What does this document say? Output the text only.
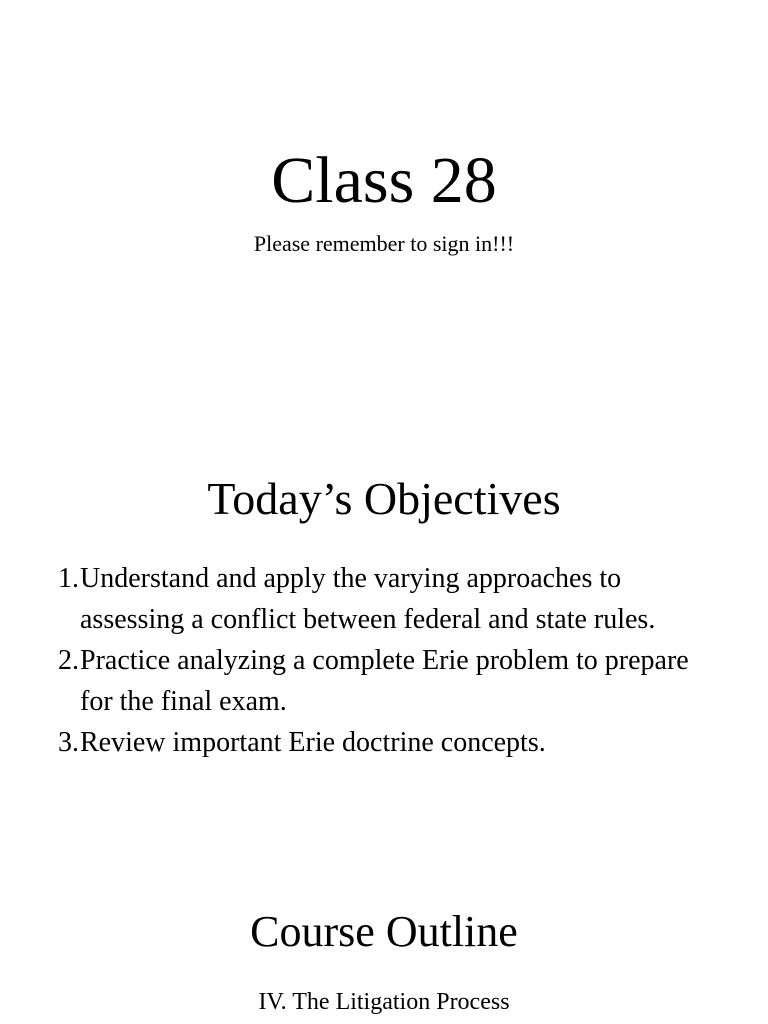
Class 28

Please remember to sign in!!!

Today’s Objectives
1. Understand and apply the varying approaches to assessing a conflict between federal and state rules.
2. Practice analyzing a complete Erie problem to prepare for the final exam.
3. Review important Erie doctrine concepts.
Course Outline

IV. The Litigation Process
